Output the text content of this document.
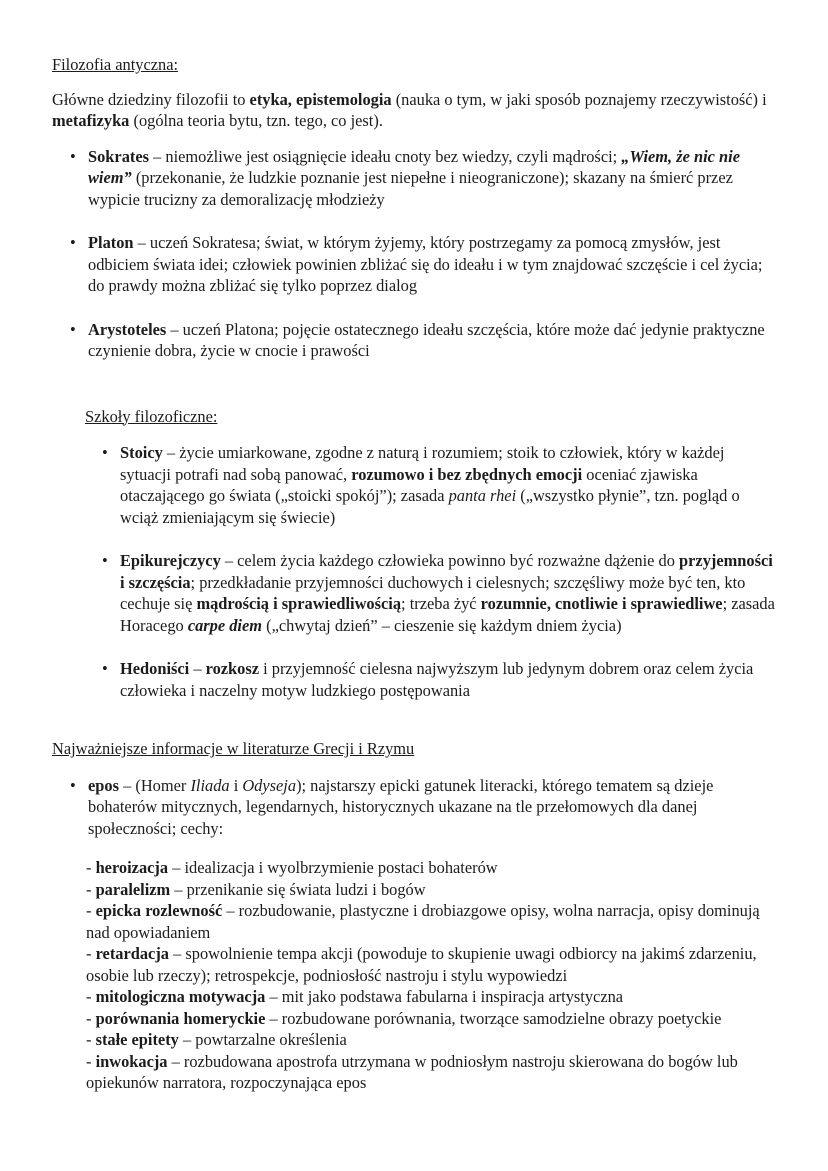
Filozofia antyczna:
Główne dziedziny filozofii to etyka, epistemologia (nauka o tym, w jaki sposób poznajemy rzeczywistość) i metafizyka (ogólna teoria bytu, tzn. tego, co jest).
• Sokrates – niemożliwe jest osiągnięcie ideału cnoty bez wiedzy, czyli mądrości; „Wiem, że nic nie wiem” (przekonanie, że ludzkie poznanie jest niepełne i nieograniczone); skazany na śmierć przez wypicie trucizny za demoralizację młodzieży
• Platon – uczeń Sokratesa; świat, w którym żyjemy, który postrzegamy za pomocą zmysłów, jest odbiciem świata idei; człowiek powinien zbliżać się do ideału i w tym znajdować szczęście i cel życia; do prawdy można zbliżać się tylko poprzez dialog
• Arystoteles – uczeń Platona; pojęcie ostatecznego ideału szczęścia, które może dać jedynie praktyczne czynienie dobra, życie w cnocie i prawości
Szkoły filozoficzne:
• Stoicy – życie umiarkowane, zgodne z naturą i rozumiem; stoik to człowiek, który w każdej sytuacji potrafi nad sobą panować, rozumowo i bez zbędnych emocji oceniać zjawiska otaczającego go świata („stoicki spokój”); zasada panta rhei („wszystko płynie”, tzn. pogląd o wciąż zmieniającym się świecie)
• Epikurejczycy – celem życia każdego człowieka powinno być rozważne dążenie do przyjemności i szczęścia; przedkładanie przyjemności duchowych i cielesnych; szczęśliwy może być ten, kto cechuje się mądrością i sprawiedliwością; trzeba żyć rozumnie, cnotliwie i sprawiedliwe; zasada Horacego carpe diem („chwytaj dzień” – cieszenie się każdym dniem życia)
• Hedoniści – rozkosz i przyjemność cielesna najwyższym lub jedynym dobrem oraz celem życia człowieka i naczelny motyw ludzkiego postępowania
Najważniejsze informacje w literaturze Grecji i Rzymu
• epos – (Homer Iliada i Odyseja); najstarszy epicki gatunek literacki, którego tematem są dzieje bohaterów mitycznych, legendarnych, historycznych ukazane na tle przełomowych dla danej społeczności; cechy:
- heroizacja – idealizacja i wyolbrzymienie postaci bohaterów
- paralelizm – przenikanie się świata ludzi i bogów
- epicka rozlewność – rozbudowanie, plastyczne i drobiazgowe opisy, wolna narracja, opisy dominują nad opowiadaniem
- retardacja – spowolnienie tempa akcji (powoduje to skupienie uwagi odbiorcy na jakimś zdarzeniu, osobie lub rzeczy); retrospekcje, podniosłość nastroju i stylu wypowiedzi
- mitologiczna motywacja – mit jako podstawa fabularna i inspiracja artystyczna
- porównania homeryckie – rozbudowane porównania, tworzące samodzielne obrazy poetyckie
- stałe epitety – powtarzalne określenia
- inwokacja – rozbudowana apostrofa utrzymana w podniosłym nastroju skierowana do bogów lub opiekunów narratora, rozpoczynająca epos
